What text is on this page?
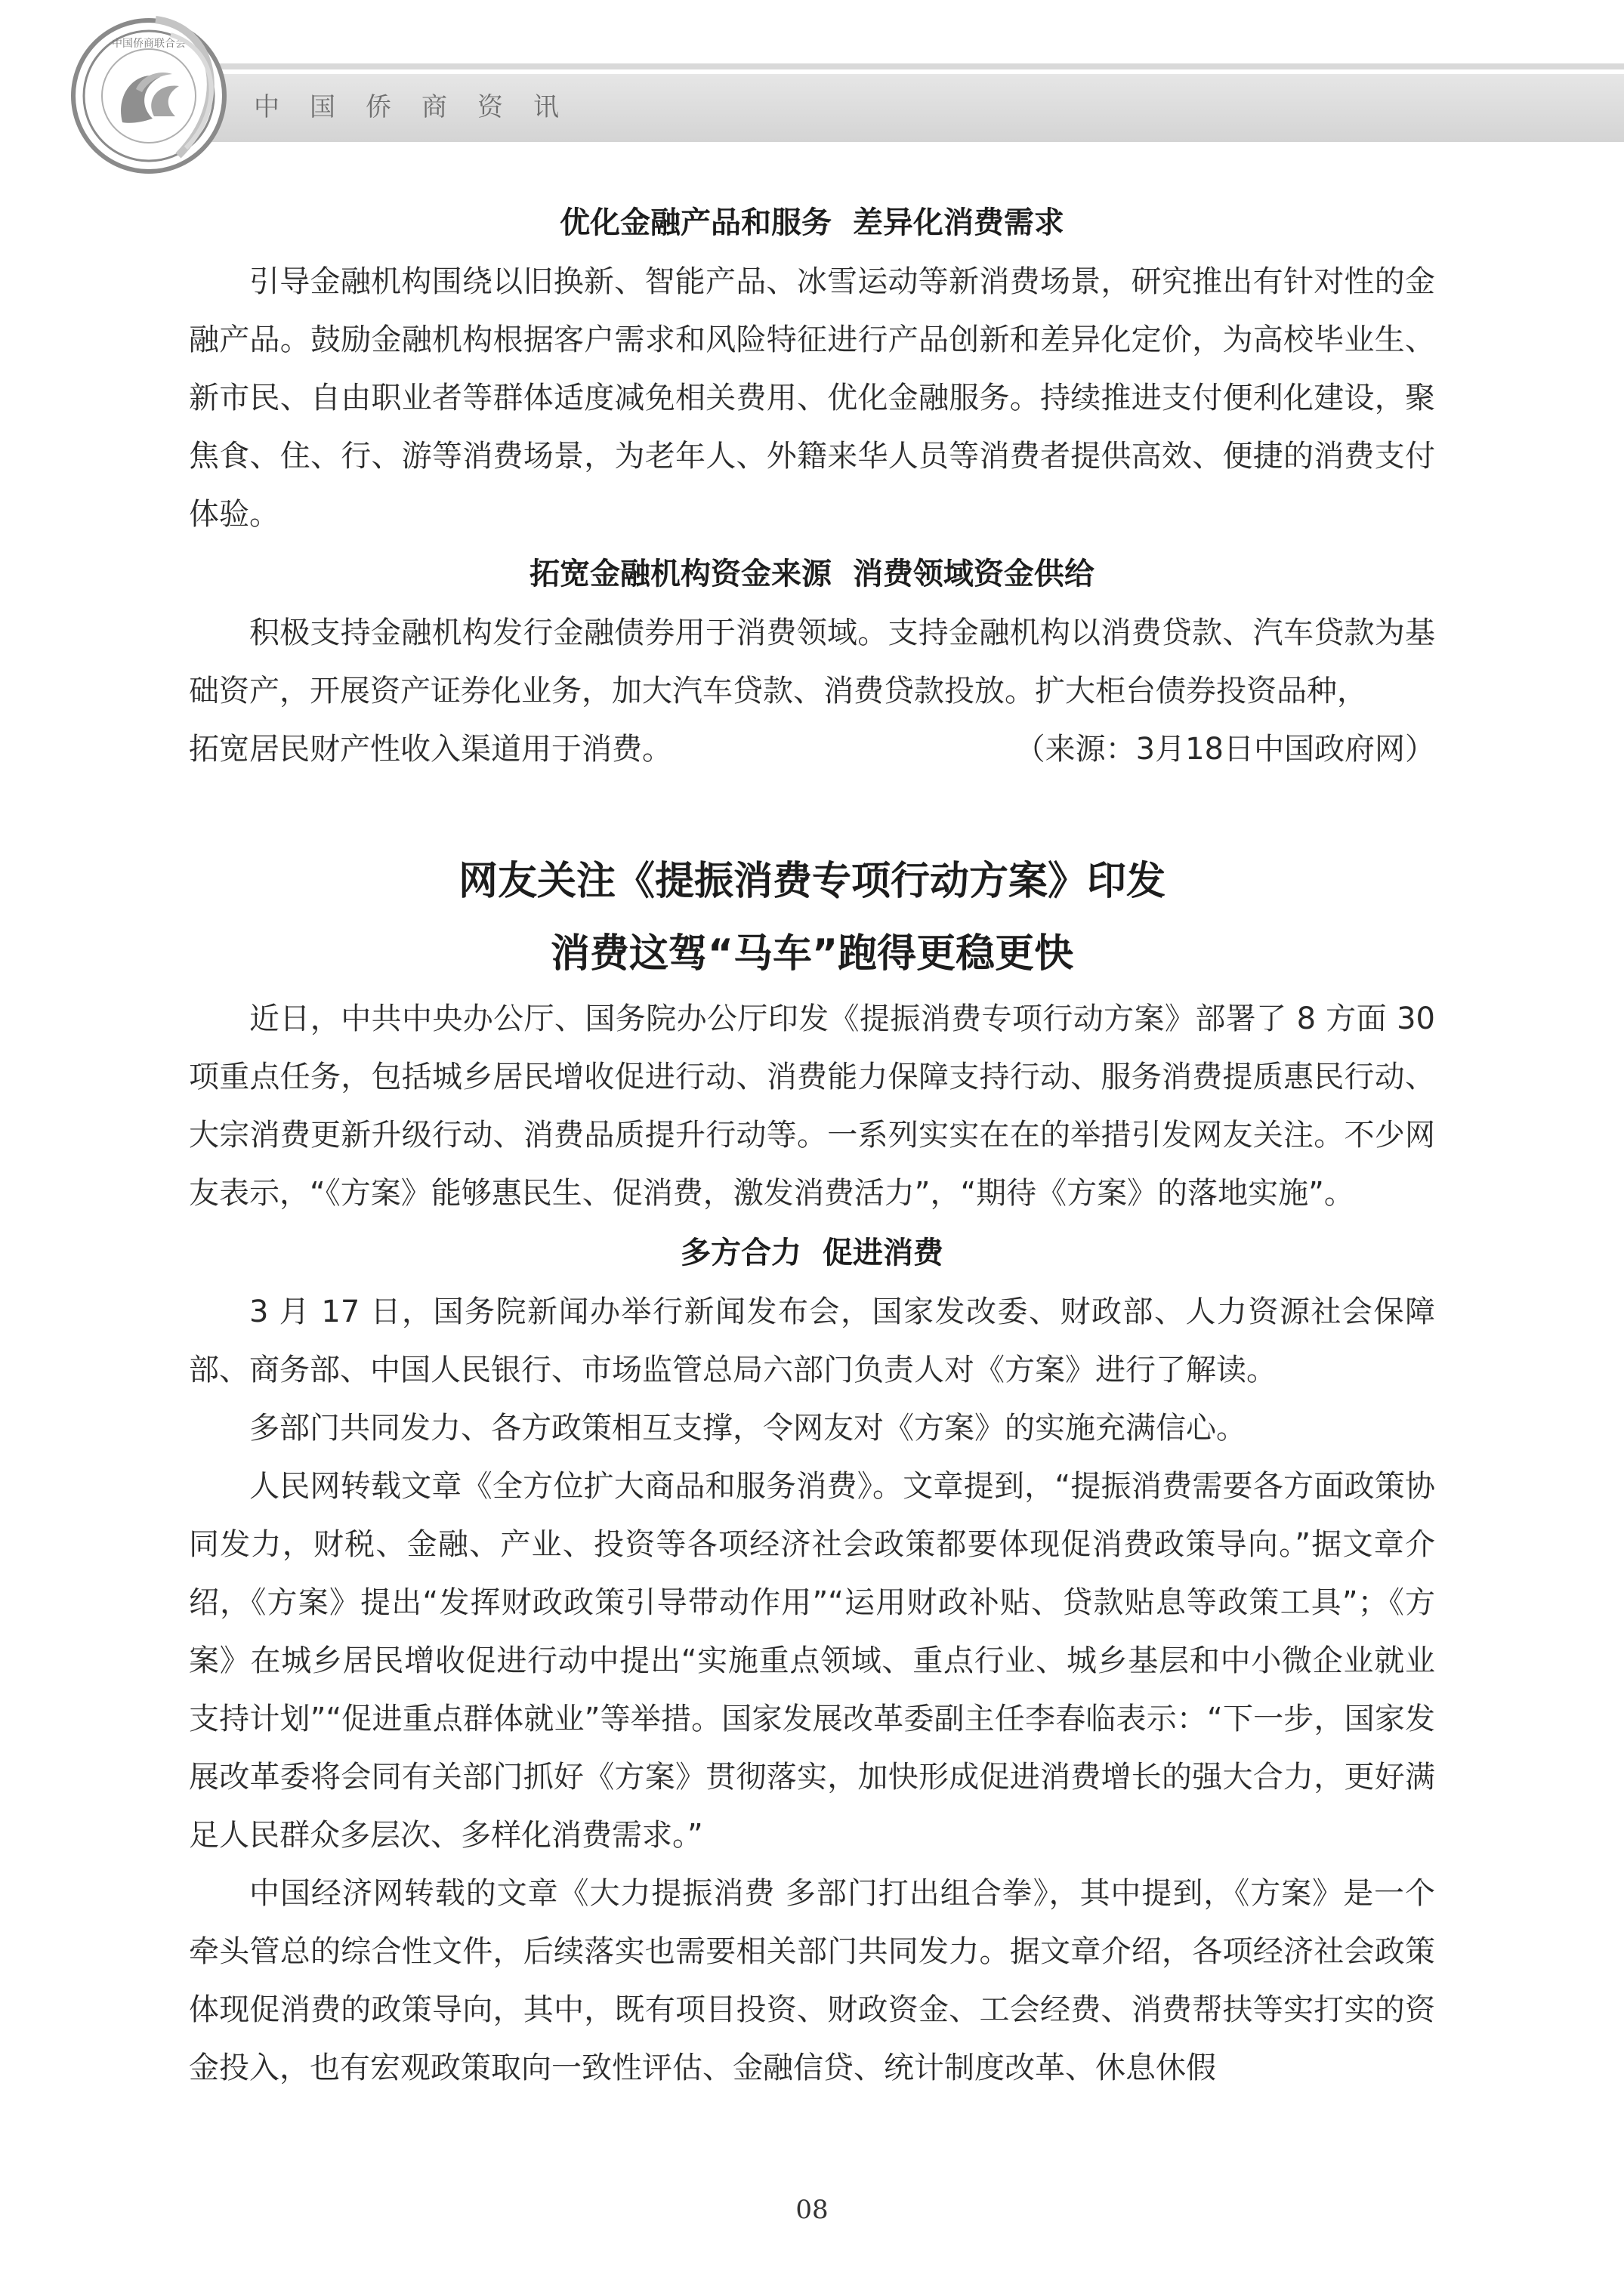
中国侨商资讯
中国侨商联合会
优化金融产品和服务  差异化消费需求

引导金融机构围绕以旧换新、智能产品、冰雪运动等新消费场景，研究推出有针对性的金融产品。鼓励金融机构根据客户需求和风险特征进行产品创新和差异化定价，为高校毕业生、新市民、自由职业者等群体适度减免相关费用、优化金融服务。持续推进支付便利化建设，聚焦食、住、行、游等消费场景，为老年人、外籍来华人员等消费者提供高效、便捷的消费支付体验。

拓宽金融机构资金来源  消费领域资金供给

积极支持金融机构发行金融债券用于消费领域。支持金融机构以消费贷款、汽车贷款为基础资产，开展资产证券化业务，加大汽车贷款、消费贷款投放。扩大柜台债券投资品种，

拓宽居民财产性收入渠道用于消费。	（来源：3月18日中国政府网）
网友关注《提振消费专项行动方案》印发
消费这驾“马车”跑得更稳更快

近日，中共中央办公厅、国务院办公厅印发《提振消费专项行动方案》部署了 8 方面 30 项重点任务，包括城乡居民增收促进行动、消费能力保障支持行动、服务消费提质惠民行动、大宗消费更新升级行动、消费品质提升行动等。一系列实实在在的举措引发网友关注。不少网友表示，“《方案》能够惠民生、促消费，激发消费活力”，“期待《方案》的落地实施”。

多方合力  促进消费

3 月 17 日，国务院新闻办举行新闻发布会，国家发改委、财政部、人力资源社会保障部、商务部、中国人民银行、市场监管总局六部门负责人对《方案》进行了解读。

多部门共同发力、各方政策相互支撑，令网友对《方案》的实施充满信心。

人民网转载文章《全方位扩大商品和服务消费》。文章提到，“提振消费需要各方面政策协同发力，财税、金融、产业、投资等各项经济社会政策都要体现促消费政策导向。”据文章介绍，《方案》提出“发挥财政政策引导带动作用”“运用财政补贴、贷款贴息等政策工具”；《方案》在城乡居民增收促进行动中提出“实施重点领域、重点行业、城乡基层和中小微企业就业支持计划”“促进重点群体就业”等举措。国家发展改革委副主任李春临表示：“下一步，国家发展改革委将会同有关部门抓好《方案》贯彻落实，加快形成促进消费增长的强大合力，更好满足人民群众多层次、多样化消费需求。”

中国经济网转载的文章《大力提振消费 多部门打出组合拳》，其中提到，《方案》是一个牵头管总的综合性文件，后续落实也需要相关部门共同发力。据文章介绍，各项经济社会政策体现促消费的政策导向，其中，既有项目投资、财政资金、工会经费、消费帮扶等实打实的资金投入，也有宏观政策取向一致性评估、金融信贷、统计制度改革、休息休假

08
